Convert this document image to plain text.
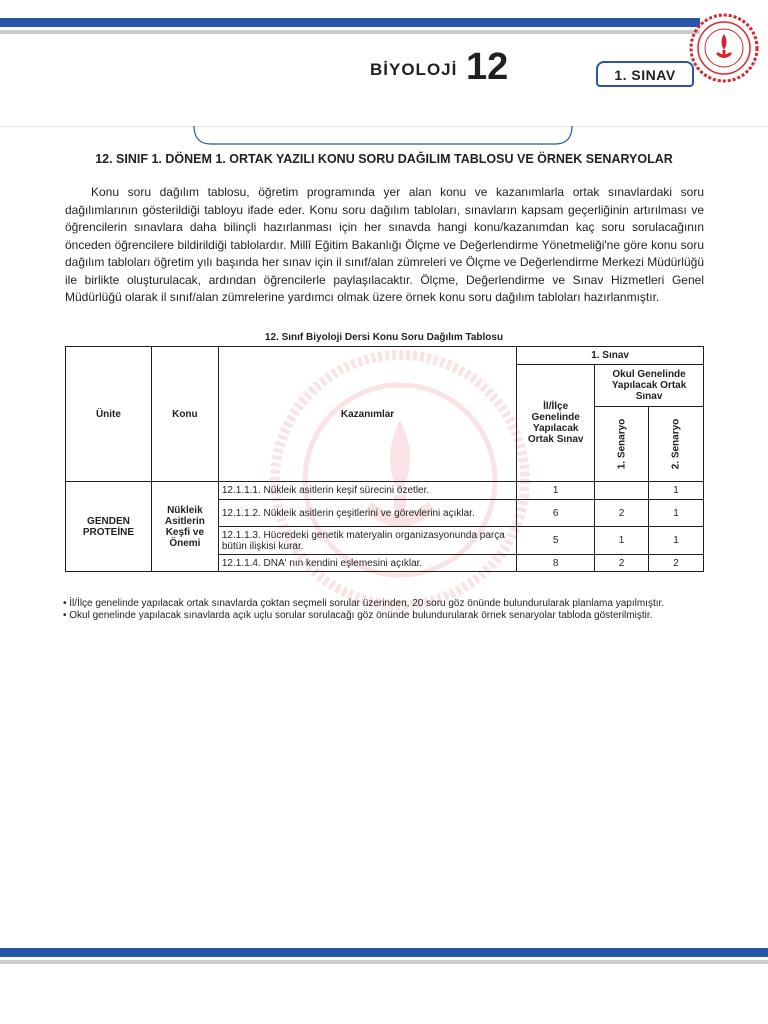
BİYOLOJİ 12	1. SINAV
12. SINIF 1. DÖNEM 1. ORTAK YAZILI KONU SORU DAĞILIM TABLOSU VE ÖRNEK SENARYOLAR
Konu soru dağılım tablosu, öğretim programında yer alan konu ve kazanımlarla ortak sınavlardaki soru dağılımlarının gösterildiği tabloyu ifade eder. Konu soru dağılım tabloları, sınavların kapsam geçerliğinin artırılması ve öğrencilerin sınavlara daha bilinçli hazırlanması için her sınavda hangi konu/kazanımdan kaç soru sorulacağının önceden öğrencilere bildirildiği tablolardır. Millî Eğitim Bakanlığı Ölçme ve Değerlendirme Yönetmeliği'ne göre konu soru dağılım tabloları öğretim yılı başında her sınav için il sınıf/alan zümreleri ve Ölçme ve Değerlendirme Merkezi Müdürlüğü ile birlikte oluşturulacak, ardından öğrencilerle paylaşılacaktır. Ölçme, Değerlendirme ve Sınav Hizmetleri Genel Müdürlüğü olarak il sınıf/alan zümrelerine yardımcı olmak üzere örnek konu soru dağılım tabloları hazırlanmıştır.
12. Sınıf Biyoloji Dersi Konu Soru Dağılım Tablosu
Ünite	Konu	Kazanımlar	1. Sınav		
			İl/İlçe Genelinde Yapılacak Ortak Sınav	Okul Genelinde Yapılacak Ortak Sınav	

				1. Senaryo	2. Senaryo

GENDEN PROTEİNE	Nükleik Asitlerin Keşfi ve Önemi	12.1.1.1. Nükleik asitlerin keşif sürecini özetler.	1		1
		12.1.1.2. Nükleik asitlerin çeşitlerini ve görevlerini açıklar.	6	2	1
		12.1.1.3. Hücredeki genetik materyalin organizasyonunda parça bütün ilişkisi kurar.	5	1	1
		12.1.1.4. DNA' nın kendini eşlemesini açıklar.	8	2	2

• İl/İlçe genelinde yapılacak ortak sınavlarda çoktan seçmeli sorular üzerinden, 20 soru göz önünde bulundurularak planlama yapılmıştır.

• Okul genelinde yapılacak sınavlarda açık uçlu sorular sorulacağı göz önünde bulundurularak örnek senaryolar tabloda gösterilmiştir.
